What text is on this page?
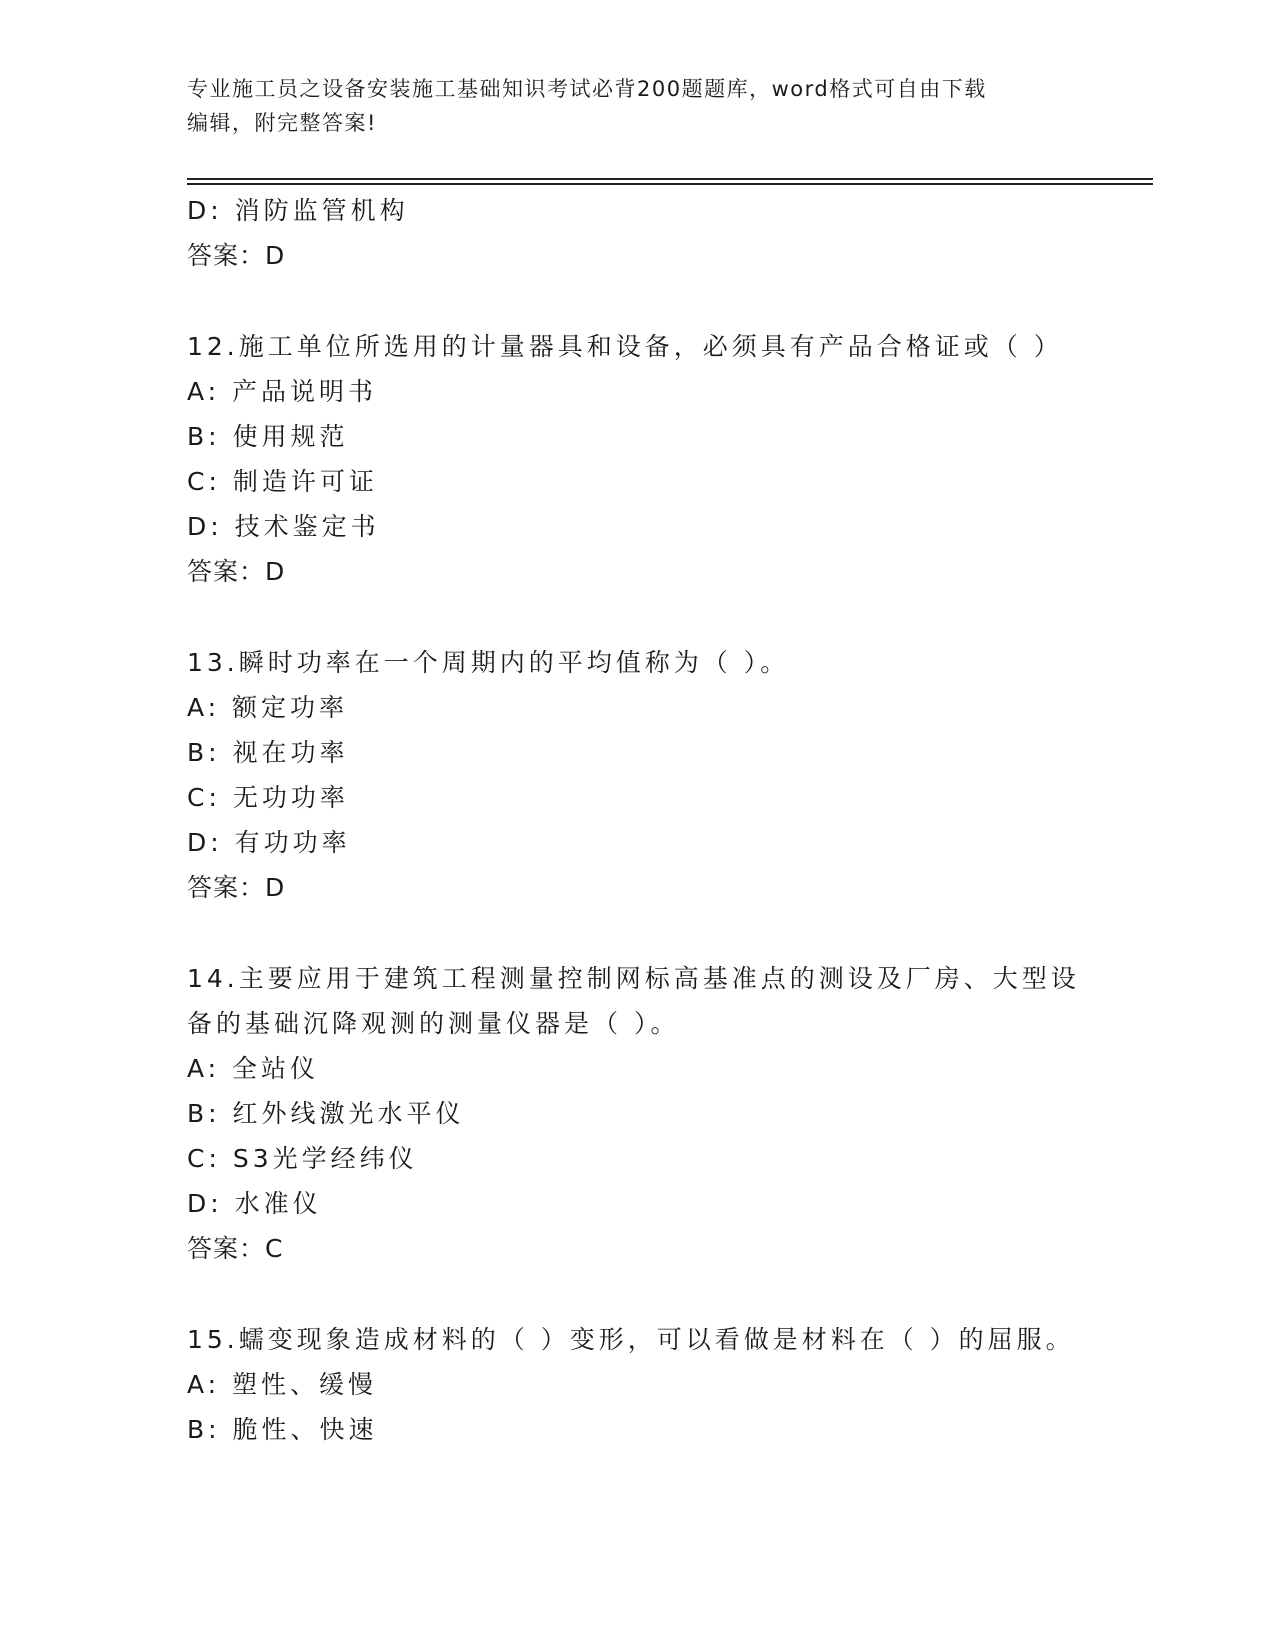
专业施工员之设备安装施工基础知识考试必背200题题库，word格式可自由下载
编辑，附完整答案!
D: 消防监管机构
答案：D
12.施工单位所选用的计量器具和设备，必须具有产品合格证或（ ）
A: 产品说明书
B: 使用规范
C: 制造许可证
D: 技术鉴定书
答案：D
13.瞬时功率在一个周期内的平均值称为（ ）。
A: 额定功率
B: 视在功率
C: 无功功率
D: 有功功率
答案：D
14.主要应用于建筑工程测量控制网标高基准点的测设及厂房、大型设
备的基础沉降观测的测量仪器是（ ）。
A: 全站仪
B: 红外线激光水平仪
C: S3光学经纬仪
D: 水准仪
答案：C
15.蠕变现象造成材料的（ ）变形，可以看做是材料在（ ）的屈服。
A: 塑性、缓慢
B: 脆性、快速
